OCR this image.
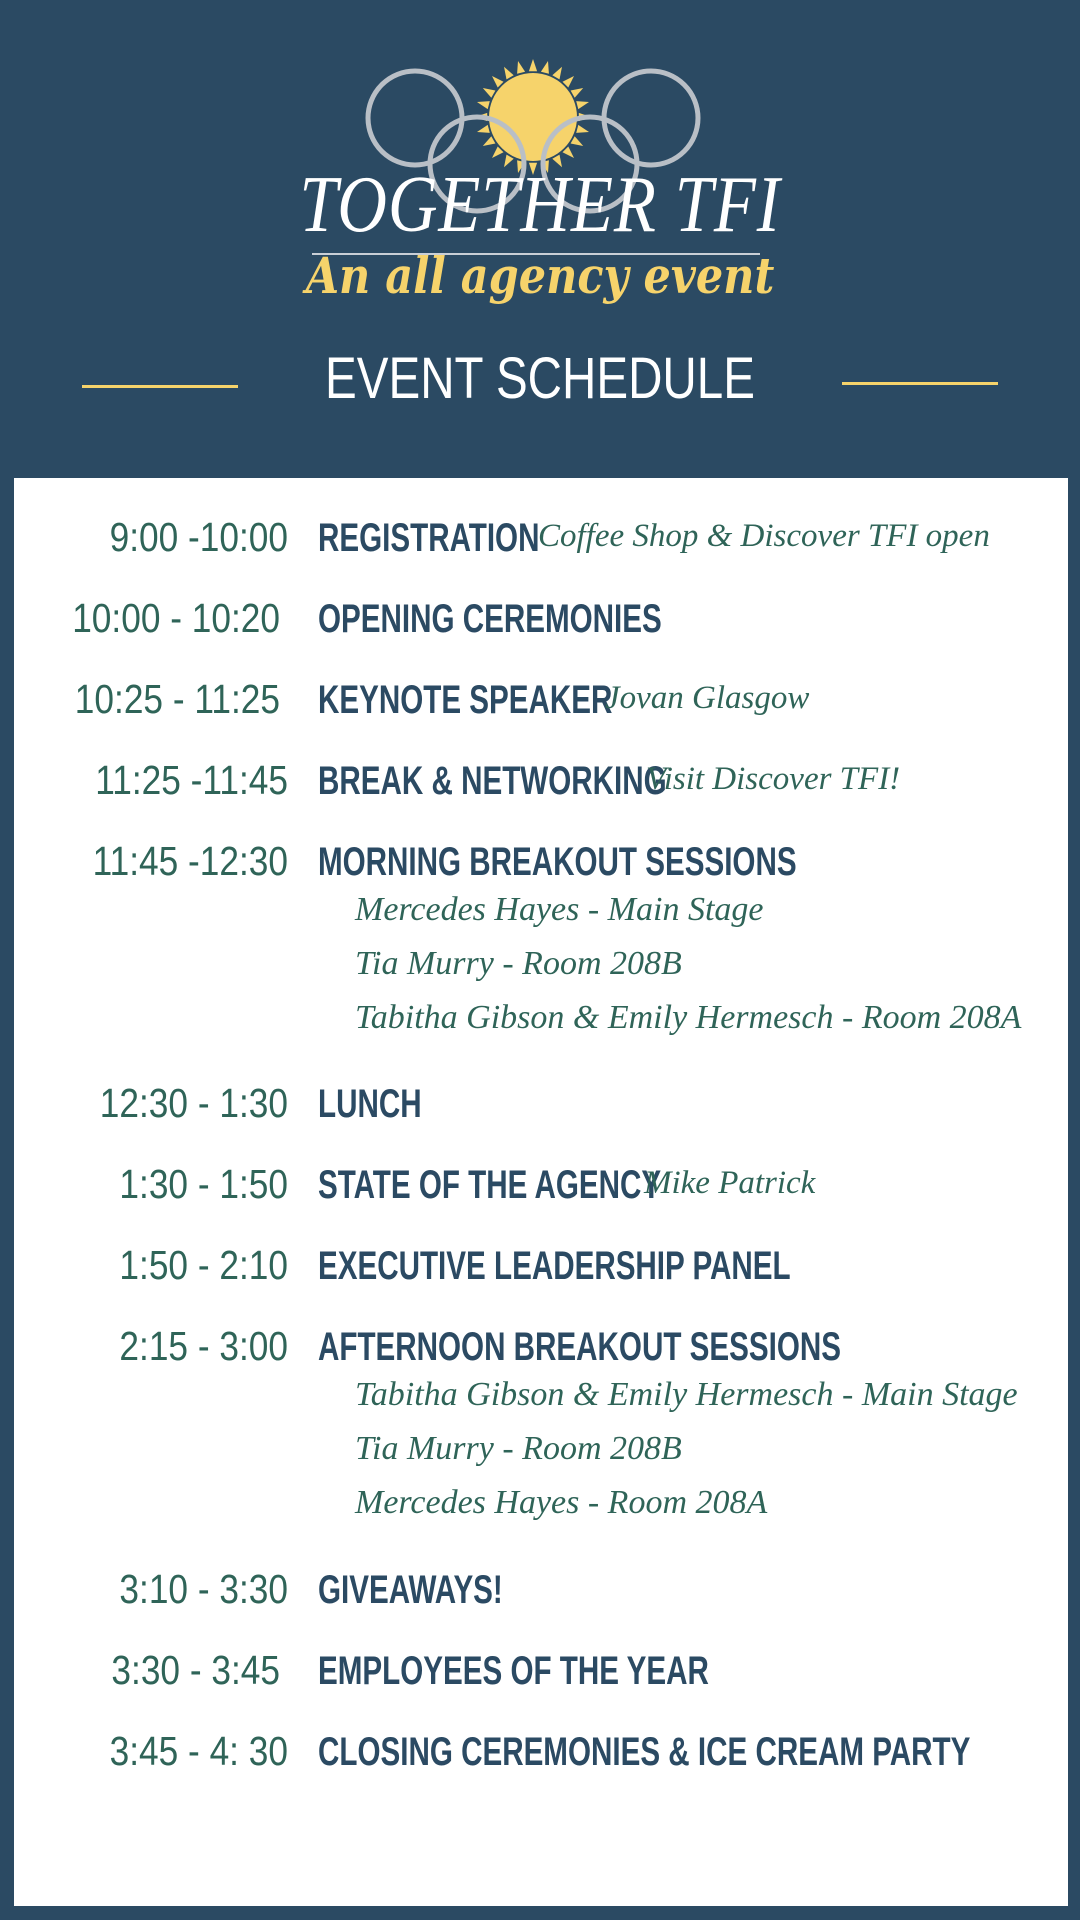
TOGETHER TFI
An all agency event
EVENT SCHEDULE
9:00 -10:00 REGISTRATION
Coffee Shop & Discover TFI open
10:00 - 10:20 OPENING CEREMONIES
10:25 - 11:25 KEYNOTE SPEAKER
Jovan Glasgow
11:25 -11:45 BREAK & NETWORKING
Visit Discover TFI!
11:45 -12:30 MORNING BREAKOUT SESSIONS
Mercedes Hayes - Main Stage
Tia Murry - Room 208B
Tabitha Gibson & Emily Hermesch - Room 208A
12:30 - 1:30 LUNCH
1:30 - 1:50 STATE OF THE AGENCY
Mike Patrick
1:50 - 2:10 EXECUTIVE LEADERSHIP PANEL
2:15 - 3:00 AFTERNOON BREAKOUT SESSIONS
Tabitha Gibson & Emily Hermesch - Main Stage
Tia Murry - Room 208B
Mercedes Hayes - Room 208A
3:10 - 3:30 GIVEAWAYS!
3:30 - 3:45 EMPLOYEES OF THE YEAR
3:45 - 4: 30 CLOSING CEREMONIES & ICE CREAM PARTY
